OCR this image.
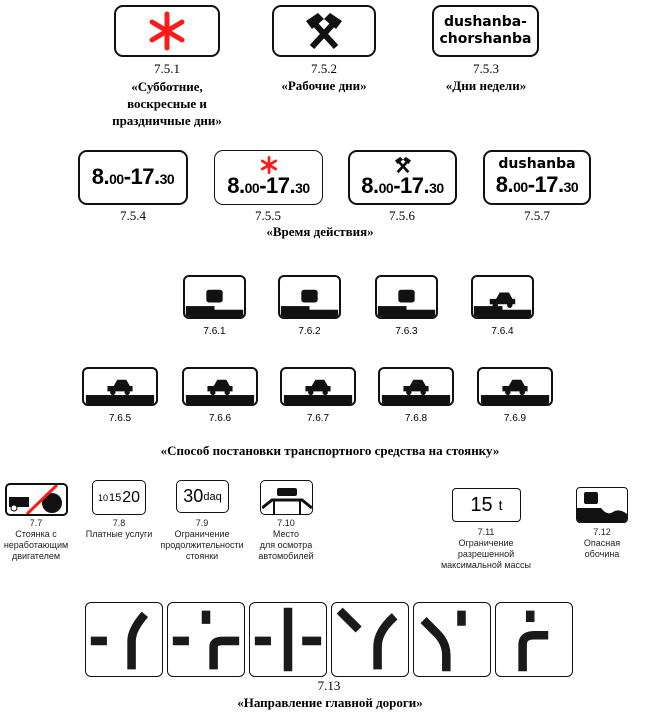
dushanba-
chorshanba
7.5.1	7.5.2	7.5.3
«Субботние,
воскресные и
праздничные дни»
«Рабочие дни»	«Дни недели»
8.00-17.30 8.00-17.30 8.00-17.30
dushanba
8.00-17.30
7.5.4	7.5.5	7.5.6	7.5.7
«Время действия»
7.6.1	7.6.2	7.6.3	7.6.4
7.6.5	7.6.6	7.6.7	7.6.8	7.6.9
«Способ постановки транспортного средства на стоянку»
10 15 20 30 daq	15 t
7.7
Стоянка с
неработающим
двигателем
7.8
Платные услуги
7.9
Ограничение
продолжительности
стоянки
7.10
Место
для осмотра
автомобилей
7.11
Ограничение
разрешенной
максимальной массы
7.12
Опасная
обочина
7.13
«Направление главной дороги»
